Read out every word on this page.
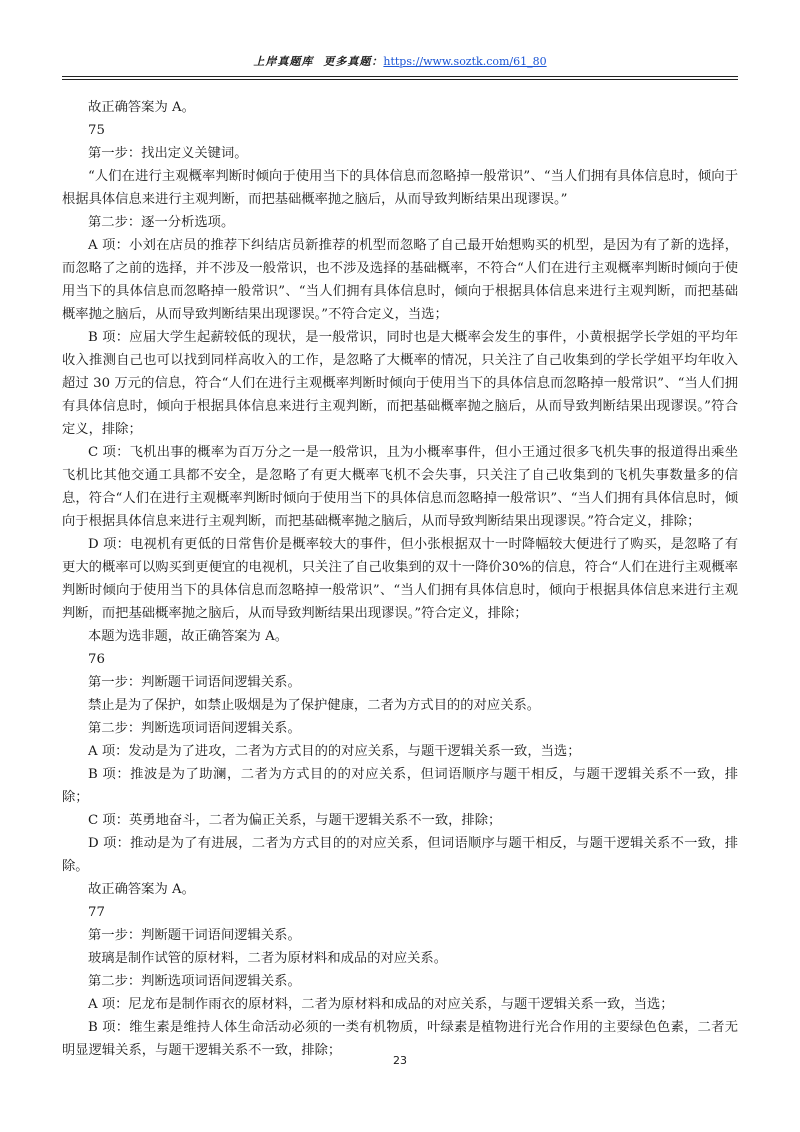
上岸真题库 更多真题：https://www.soztk.com/61_80

故正确答案为 A。

75

第一步：找出定义关键词。

“人们在进行主观概率判断时倾向于使用当下的具体信息而忽略掉一般常识”、“当人们拥有具体信息时，倾向于根据具体信息来进行主观判断，而把基础概率抛之脑后，从而导致判断结果出现谬误。”

第二步：逐一分析选项。

A 项：小刘在店员的推荐下纠结店员新推荐的机型而忽略了自己最开始想购买的机型，是因为有了新的选择，而忽略了之前的选择，并不涉及一般常识，也不涉及选择的基础概率，不符合“人们在进行主观概率判断时倾向于使用当下的具体信息而忽略掉一般常识”、“当人们拥有具体信息时，倾向于根据具体信息来进行主观判断，而把基础概率抛之脑后，从而导致判断结果出现谬误。”不符合定义，当选；

B 项：应届大学生起薪较低的现状，是一般常识，同时也是大概率会发生的事件，小黄根据学长学姐的平均年收入推测自己也可以找到同样高收入的工作，是忽略了大概率的情况，只关注了自己收集到的学长学姐平均年收入超过 30 万元的信息，符合“人们在进行主观概率判断时倾向于使用当下的具体信息而忽略掉一般常识”、“当人们拥有具体信息时，倾向于根据具体信息来进行主观判断，而把基础概率抛之脑后，从而导致判断结果出现谬误。”符合定义，排除；

C 项：飞机出事的概率为百万分之一是一般常识，且为小概率事件，但小王通过很多飞机失事的报道得出乘坐飞机比其他交通工具都不安全，是忽略了有更大概率飞机不会失事，只关注了自己收集到的飞机失事数量多的信息，符合“人们在进行主观概率判断时倾向于使用当下的具体信息而忽略掉一般常识”、“当人们拥有具体信息时，倾向于根据具体信息来进行主观判断，而把基础概率抛之脑后，从而导致判断结果出现谬误。”符合定义，排除；

D 项：电视机有更低的日常售价是概率较大的事件，但小张根据双十一时降幅较大便进行了购买，是忽略了有更大的概率可以购买到更便宜的电视机，只关注了自己收集到的双十一降价30%的信息，符合“人们在进行主观概率判断时倾向于使用当下的具体信息而忽略掉一般常识”、“当人们拥有具体信息时，倾向于根据具体信息来进行主观判断，而把基础概率抛之脑后，从而导致判断结果出现谬误。”符合定义，排除；

本题为选非题，故正确答案为 A。

76

第一步：判断题干词语间逻辑关系。

禁止是为了保护，如禁止吸烟是为了保护健康，二者为方式目的的对应关系。

第二步：判断选项词语间逻辑关系。

A 项：发动是为了进攻，二者为方式目的的对应关系，与题干逻辑关系一致，当选；

B 项：推波是为了助澜，二者为方式目的的对应关系，但词语顺序与题干相反，与题干逻辑关系不一致，排除；

C 项：英勇地奋斗，二者为偏正关系，与题干逻辑关系不一致，排除；

D 项：推动是为了有进展，二者为方式目的的对应关系，但词语顺序与题干相反，与题干逻辑关系不一致，排除。

故正确答案为 A。

77

第一步：判断题干词语间逻辑关系。

玻璃是制作试管的原材料，二者为原材料和成品的对应关系。

第二步：判断选项词语间逻辑关系。

A 项：尼龙布是制作雨衣的原材料，二者为原材料和成品的对应关系，与题干逻辑关系一致，当选；

B 项：维生素是维持人体生命活动必须的一类有机物质，叶绿素是植物进行光合作用的主要绿色色素，二者无明显逻辑关系，与题干逻辑关系不一致，排除；

23
